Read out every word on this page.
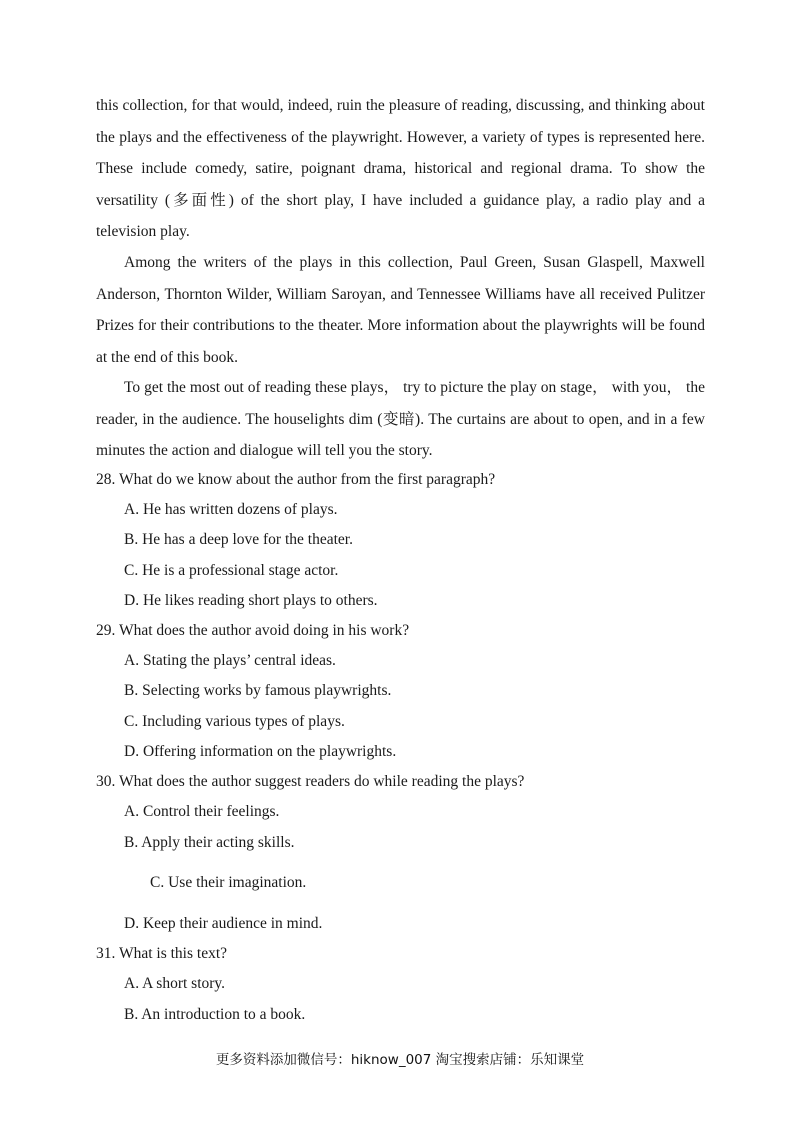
this collection, for that would, indeed, ruin the pleasure of reading, discussing, and thinking about the plays and the effectiveness of the playwright. However, a variety of types is represented here. These include comedy, satire, poignant drama, historical and regional drama. To show the versatility (多面性) of the short play, I have included a guidance play, a radio play and a television play.

Among the writers of the plays in this collection, Paul Green, Susan Glaspell, Maxwell Anderson, Thornton Wilder, William Saroyan, and Tennessee Williams have all received Pulitzer Prizes for their contributions to the theater. More information about the playwrights will be found at the end of this book.

To get the most out of reading these plays， try to picture the play on stage， with you， the reader, in the audience. The houselights dim (变暗). The curtains are about to open, and in a few minutes the action and dialogue will tell you the story.

28. What do we know about the author from the first paragraph?
A. He has written dozens of plays.
B. He has a deep love for the theater.
C. He is a professional stage actor.
D. He likes reading short plays to others.
29. What does the author avoid doing in his work?
A. Stating the plays’ central ideas.
B. Selecting works by famous playwrights.
C. Including various types of plays.
D. Offering information on the playwrights.
30. What does the author suggest readers do while reading the plays?
A. Control their feelings.
B. Apply their acting skills.
C. Use their imagination.
D. Keep their audience in mind.
31. What is this text?
A. A short story.
B. An introduction to a book.
更多资料添加微信号：hiknow_007 淘宝搜索店铺：乐知课堂
